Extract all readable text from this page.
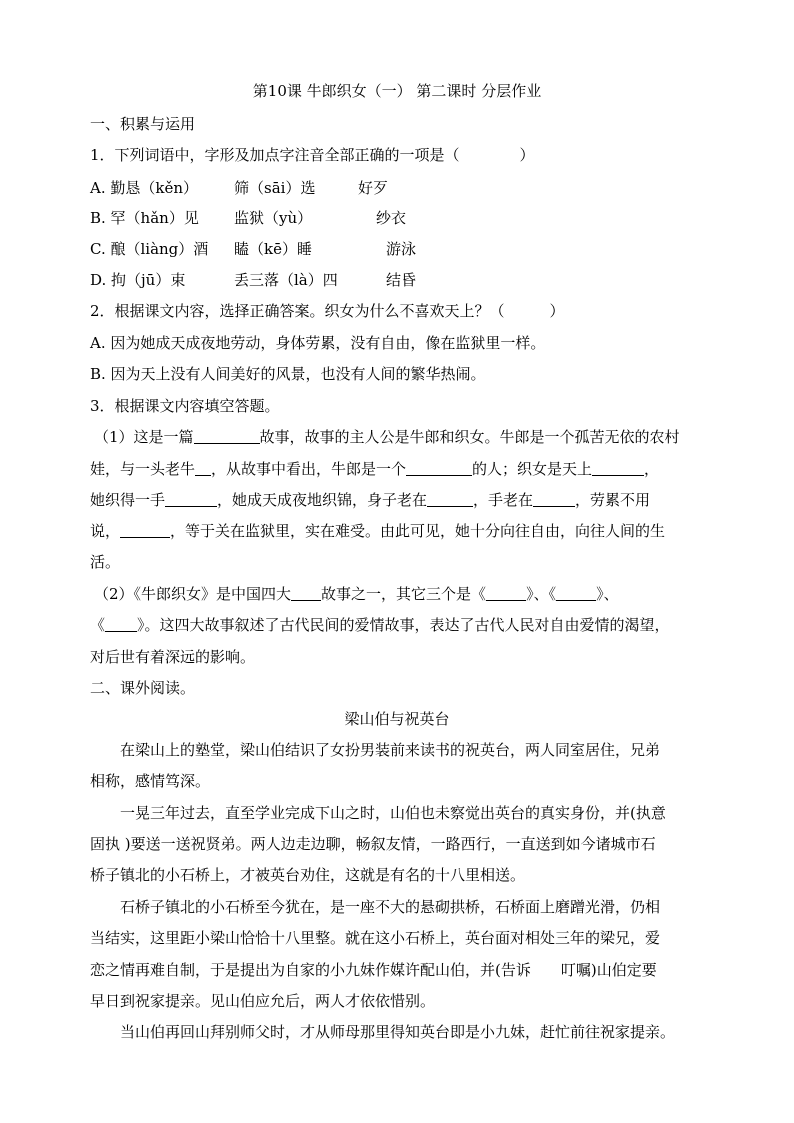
第10课 牛郎织女（一） 第二课时 分层作业
一、积累与运用
1．下列词语中，字形及加点字注音全部正确的一项是（　　　　）
A. 勤恳（kěn） 筛（sāi）选	好歹
B. 罕（hǎn）见 监狱（yù）	纱衣
C. 酿（liàng）酒 瞌（kē）睡	游泳
D. 拘（jū）束	丢三落（là）四	结昏
2．根据课文内容，选择正确答案。织女为什么不喜欢天上？（　　　）
A. 因为她成天成夜地劳动，身体劳累，没有自由，像在监狱里一样。
B. 因为天上没有人间美好的风景，也没有人间的繁华热闹。
3．根据课文内容填空答题。
（1）这是一篇	故事，故事的主人公是牛郎和织女。牛郎是一个孤苦无依的农村
娃，与一头老牛 ，从故事中看出，牛郎是一个	的人；织女是天上	，
她织得一手	，她成天成夜地织锦，身子老在	，手老在	，劳累不用
说，	，等于关在监狱里，实在难受。由此可见，她十分向往自由，向往人间的生
活。
（2）《牛郎织女》是中国四大 故事之一，其它三个是《	》、《	》、
《 》。这四大故事叙述了古代民间的爱情故事，表达了古代人民对自由爱情的渴望，
对后世有着深远的影响。
二、课外阅读。
梁山伯与祝英台
在梁山上的塾堂，梁山伯结识了女扮男装前来读书的祝英台，两人同室居住，兄弟
相称，感情笃深。
一晃三年过去，直至学业完成下山之时，山伯也未察觉出英台的真实身份，并(执意
固执 )要送一送祝贤弟。两人边走边聊，畅叙友情，一路西行，一直送到如今诸城市石
桥子镇北的小石桥上，才被英台劝住，这就是有名的十八里相送。
石桥子镇北的小石桥至今犹在，是一座不大的悬砌拱桥，石桥面上磨蹭光滑，仍相
当结实，这里距小梁山恰恰十八里整。就在这小石桥上，英台面对相处三年的梁兄，爱
恋之情再难自制，于是提出为自家的小九妹作媒许配山伯，并(告诉　　叮嘱)山伯定要
早日到祝家提亲。见山伯应允后，两人才依依惜别。
当山伯再回山拜别师父时，才从师母那里得知英台即是小九妹，赶忙前往祝家提亲。
